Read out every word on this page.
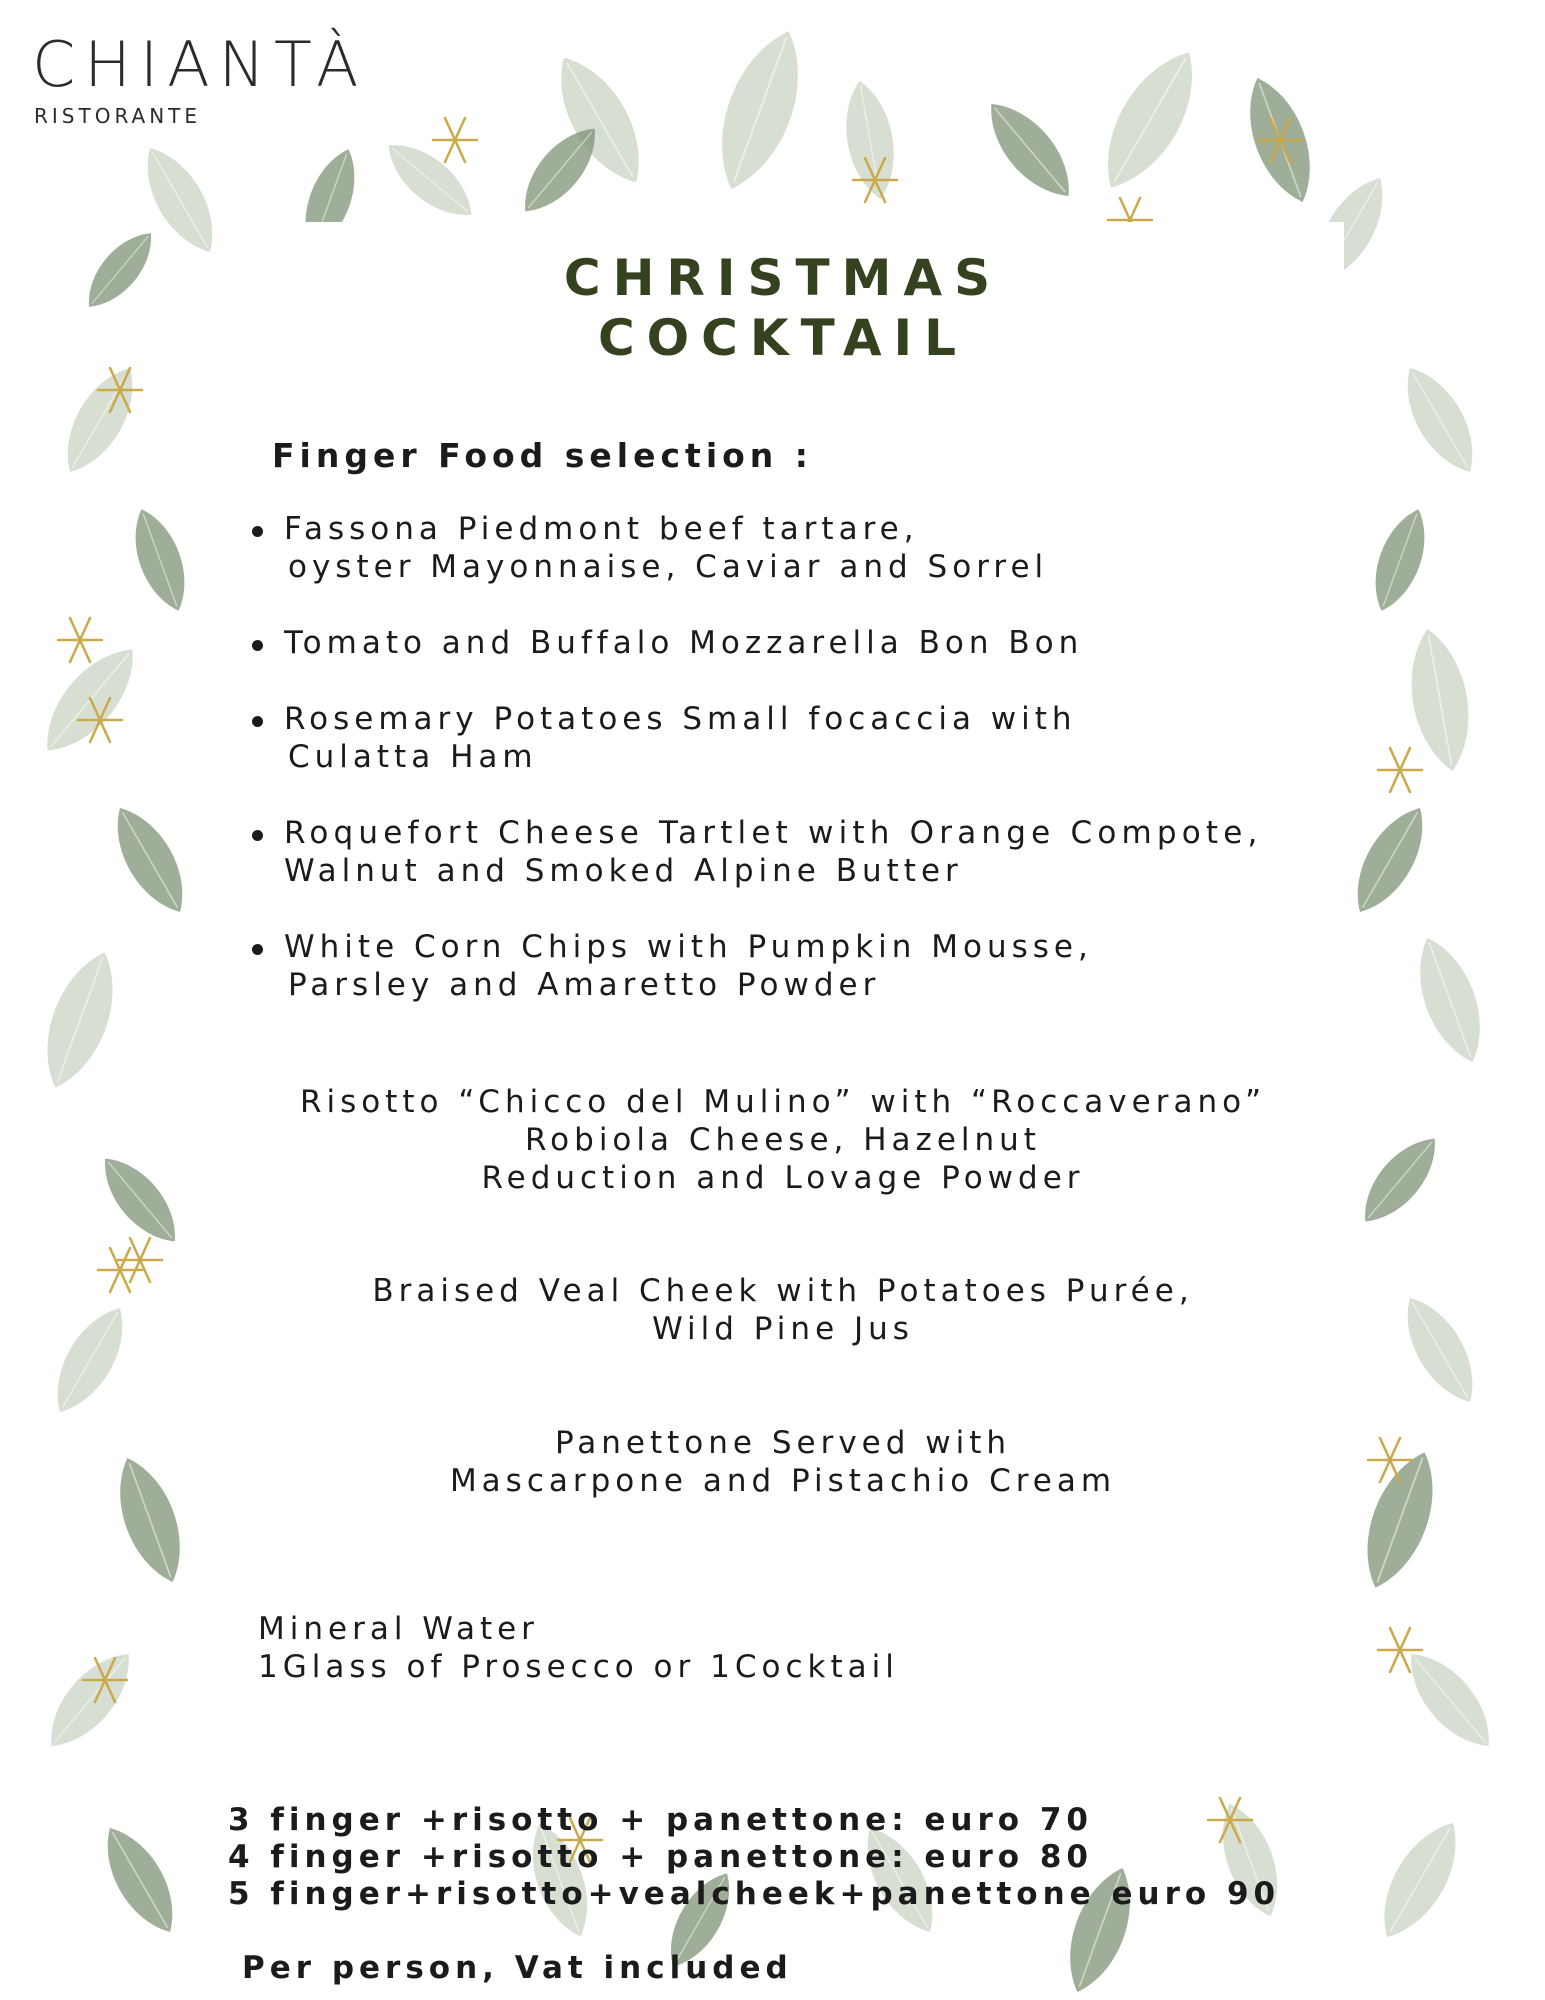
CHIANTÀ
RISTORANTE
CHRISTMAS
COCKTAIL
Finger Food selection :
Fassona Piedmont beef tartare,
oyster Mayonnaise, Caviar and Sorrel
Tomato and Buffalo Mozzarella Bon Bon
Rosemary Potatoes Small focaccia with
Culatta Ham
Roquefort Cheese Tartlet with Orange Compote,
Walnut and Smoked Alpine Butter
White Corn Chips with Pumpkin Mousse,
Parsley and Amaretto Powder
Risotto “Chicco del Mulino” with “Roccaverano”
Robiola Cheese, Hazelnut
Reduction and Lovage Powder
Braised Veal Cheek with Potatoes Purée,
Wild Pine Jus
Panettone Served with
Mascarpone and Pistachio Cream
Mineral Water
1Glass of Prosecco or 1Cocktail
3 finger +risotto + panettone: euro 70
4 finger +risotto + panettone: euro 80
5 finger+risotto+vealcheek+panettone euro 90
Per person, Vat included
